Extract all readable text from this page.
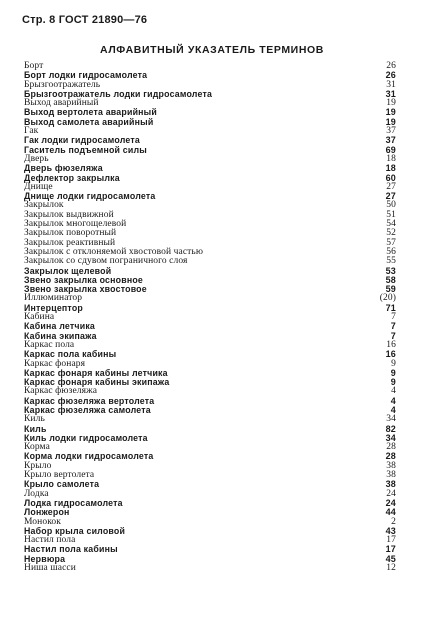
Стр. 8 ГОСТ 21890—76
АЛФАВИТНЫЙ УКАЗАТЕЛЬ ТЕРМИНОВ
Борт	26
Борт лодки гидросамолета	26
Брызгоотражатель	31
Брызгоотражатель лодки гидросамолета	31
Выход аварийный	19
Выход вертолета аварийный	19
Выход самолета аварийный	19
Гак	37
Гак лодки гидросамолета	37
Гаситель подъемной силы	69
Дверь	18
Дверь фюзеляжа	18
Дефлектор закрылка	60
Днище	27
Днище лодки гидросамолета	27
Закрылок	50
Закрылок выдвижной	51
Закрылок многощелевой	54
Закрылок поворотный	52
Закрылок реактивный	57
Закрылок с отклоняемой хвостовой частью	56
Закрылок со сдувом пограничного слоя	55
Закрылок щелевой	53
Звено закрылка основное	58
Звено закрылка хвостовое	59
Иллюминатор	(20)
Интерцептор	71
Кабина	7
Кабина летчика	7
Кабина экипажа	7
Каркас пола	16
Каркас пола кабины	16
Каркас фонаря	9
Каркас фонаря кабины летчика	9
Каркас фонаря кабины экипажа	9
Каркас фюзеляжа	4
Каркас фюзеляжа вертолета	4
Каркас фюзеляжа самолета	4
Киль	34
Киль	82
Киль лодки гидросамолета	34
Корма	28
Корма лодки гидросамолета	28
Крыло	38
Крыло вертолета	38
Крыло самолета	38
Лодка	24
Лодка гидросамолета	24
Лонжерон	44
Монокок	2
Набор крыла силовой	43
Настил пола	17
Настил пола кабины	17
Нервюра	45
Ниша шасси	12
